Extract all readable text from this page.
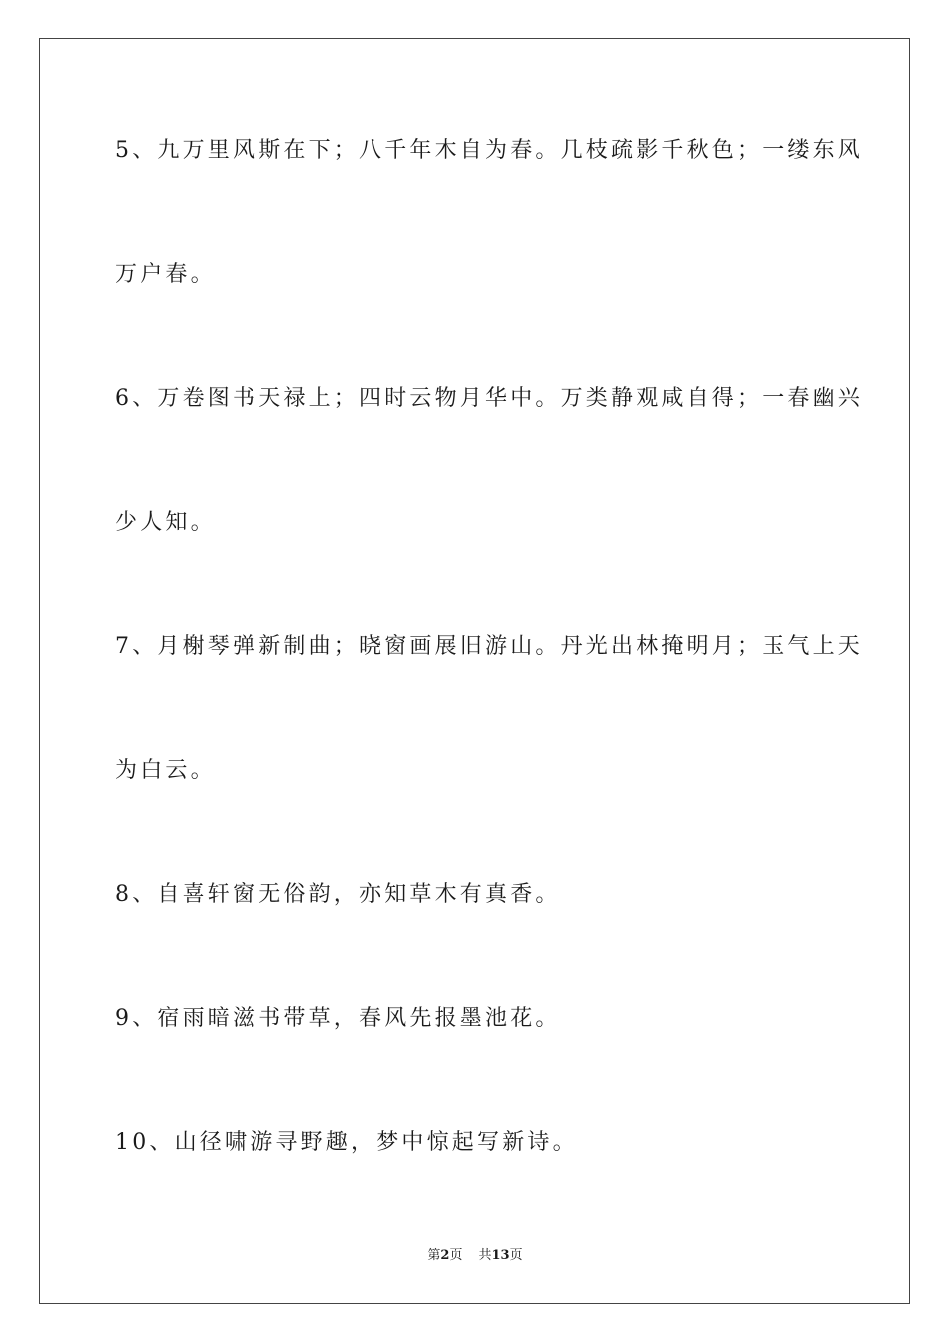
5、九万里风斯在下；八千年木自为春。几枝疏影千秋色；一缕东风
万户春。
6、万卷图书天禄上；四时云物月华中。万类静观咸自得；一春幽兴
少人知。
7、月榭琴弹新制曲；晓窗画展旧游山。丹光出林掩明月；玉气上天
为白云。
8、自喜轩窗无俗韵，亦知草木有真香。
9、宿雨暗滋书带草，春风先报墨池花。
10、山径啸游寻野趣，梦中惊起写新诗。
第2页 共13页
